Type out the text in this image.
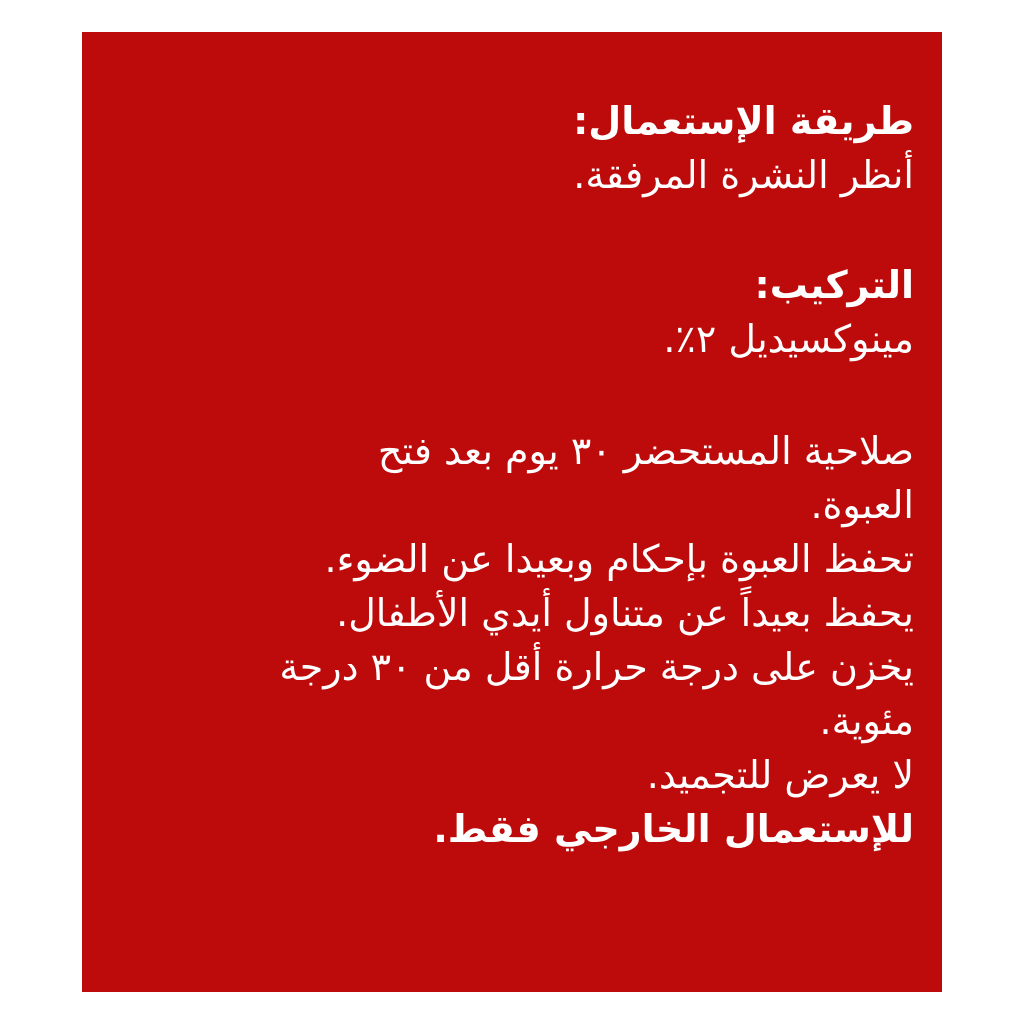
طريقة الإستعمال:
أنظر النشرة المرفقة.
التركيب:
مينوكسيديل ٢٪.
صلاحية المستحضر ٣٠ يوم بعد فتح
العبوة.
تحفظ العبوة بإحكام وبعيدا عن الضوء.
يحفظ بعيداً عن متناول أيدي الأطفال.
يخزن على درجة حرارة أقل من ٣٠ درجة
مئوية.
لا يعرض للتجميد.
للإستعمال الخارجي فقط.
